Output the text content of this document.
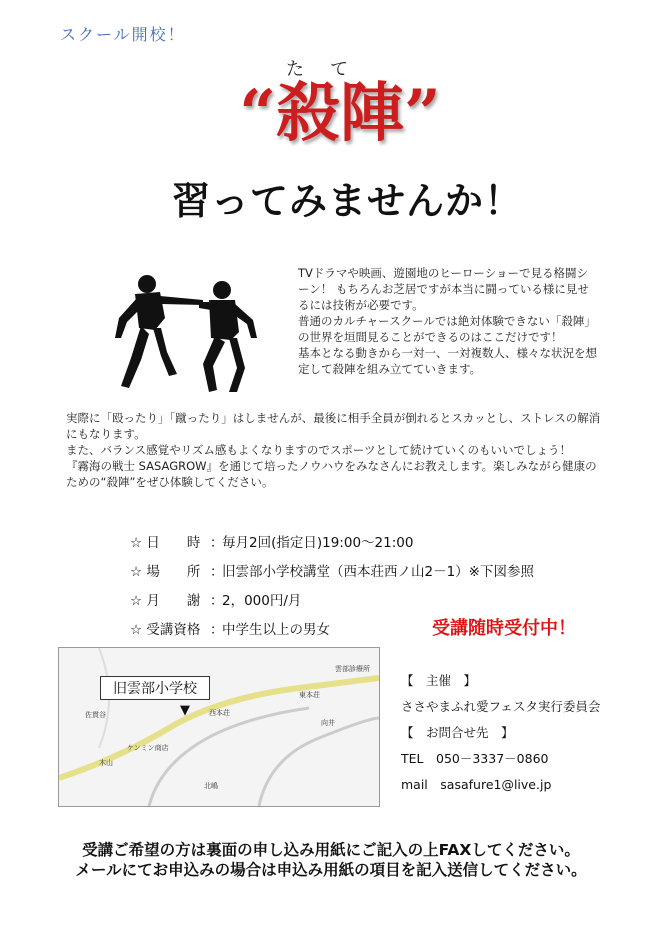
スクール開校！
たて
“殺陣”
習ってみませんか！

TVドラマや映画、遊園地のヒーローショーで見る格闘シーン！ もちろんお芝居ですが本当に闘っている様に見せるには技術が必要です。

普通のカルチャースクールでは絶対体験できない「殺陣」の世界を垣間見ることができるのはここだけです！

基本となる動きから一対一、一対複数人、様々な状況を想定して殺陣を組み立てていきます。

実際に「殴ったり」「蹴ったり」はしませんが、最後に相手全員が倒れるとスカッとし、ストレスの解消にもなります。

また、バランス感覚やリズム感もよくなりますのでスポーツとして続けていくのもいいでしょう！

『霧海の戦士 SASAGROW』を通じて培ったノウハウをみなさんにお教えします。楽しみながら健康のための“殺陣”をぜひ体験してください。

☆ 日　　時 ：
毎月2回(指定日)19:00～21:00
☆ 場　　所 ：
旧雲部小学校講堂（西本荘西ノ山2－1）※下図参照
☆ 月　　謝 ：
2，000円/月
☆ 受講資格 ：
中学生以上の男女	受講随時受付中！
佐貫谷	西本荘
東本荘
向井
北嶋
ケンミン商店
木山
雲部診療所
旧雲部小学校
▼
【　主催　】
ささやまふれ愛フェスタ実行委員会
【　お問合せ先　】
TEL　050－3337－0860
mail　sasafure1@live.jp
受講ご希望の方は裏面の申し込み用紙にご記入の上FAXしてください。
メールにてお申込みの場合は申込み用紙の項目を記入送信してください。
